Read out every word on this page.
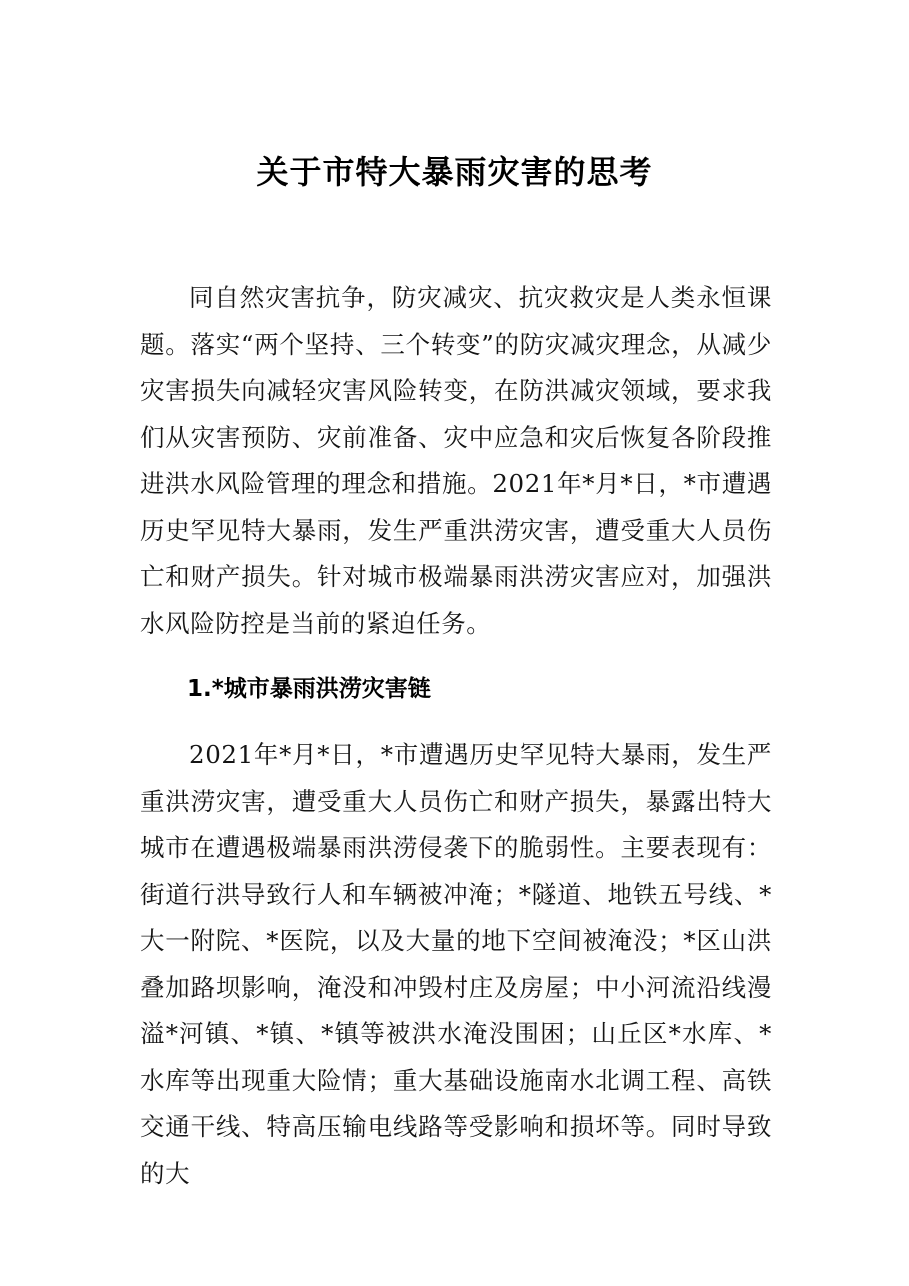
关于市特大暴雨灾害的思考

同自然灾害抗争，防灾减灾、抗灾救灾是人类永恒课题。落实“两个坚持、三个转变”的防灾减灾理念，从减少灾害损失向减轻灾害风险转变，在防洪减灾领域，要求我们从灾害预防、灾前准备、灾中应急和灾后恢复各阶段推进洪水风险管理的理念和措施。2021年*月*日，*市遭遇历史罕见特大暴雨，发生严重洪涝灾害，遭受重大人员伤亡和财产损失。针对城市极端暴雨洪涝灾害应对，加强洪水风险防控是当前的紧迫任务。

1.*城市暴雨洪涝灾害链

2021年*月*日，*市遭遇历史罕见特大暴雨，发生严重洪涝灾害，遭受重大人员伤亡和财产损失，暴露出特大城市在遭遇极端暴雨洪涝侵袭下的脆弱性。主要表现有：街道行洪导致行人和车辆被冲淹；*隧道、地铁五号线、*大一附院、*医院，以及大量的地下空间被淹没；*区山洪叠加路坝影响，淹没和冲毁村庄及房屋；中小河流沿线漫溢*河镇、*镇、*镇等被洪水淹没围困；山丘区*水库、*水库等出现重大险情；重大基础设施南水北调工程、高铁交通干线、特高压输电线路等受影响和损坏等。同时导致的大
